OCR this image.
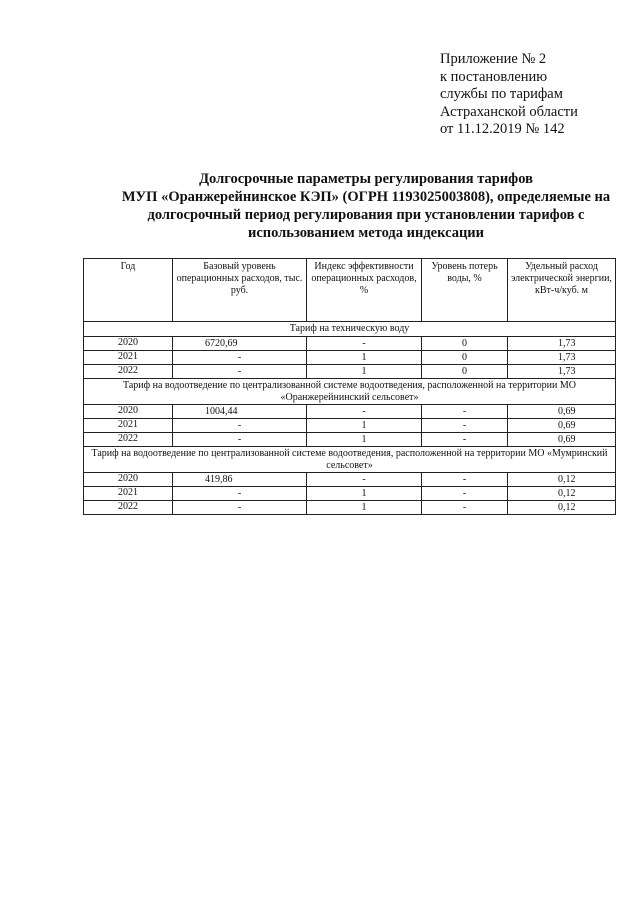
Приложение № 2
к постановлению
службы по тарифам
Астраханской области
от 11.12.2019 № 142
Долгосрочные параметры регулирования тарифов
МУП «Оранжерейнинское КЭП» (ОГРН 1193025003808), определяемые на
долгосрочный период регулирования при установлении тарифов с
использованием метода индексации
Год	Базовый уровень операционных расходов, тыс. руб.	Индекс эффективности операционных расходов, %	Уровень потерь воды, %	Удельный расход электрической энергии, кВт-ч/куб. м
Тариф на техническую воду				
2020	6720,69	-	0	1,73
2021	-	1	0	1,73
2022	-	1	0	1,73
Тариф на водоотведение по централизованной системе водоотведения, расположенной на территории МО «Оранжерейнинский сельсовет»				
2020	1004,44	-	-	0,69
2021	-	1	-	0,69
2022	-	1	-	0,69
Тариф на водоотведение по централизованной системе водоотведения, расположенной на территории МО «Мумринский сельсовет»				
2020	419,86	-	-	0,12
2021	-	1	-	0,12
2022	-	1	-	0,12
